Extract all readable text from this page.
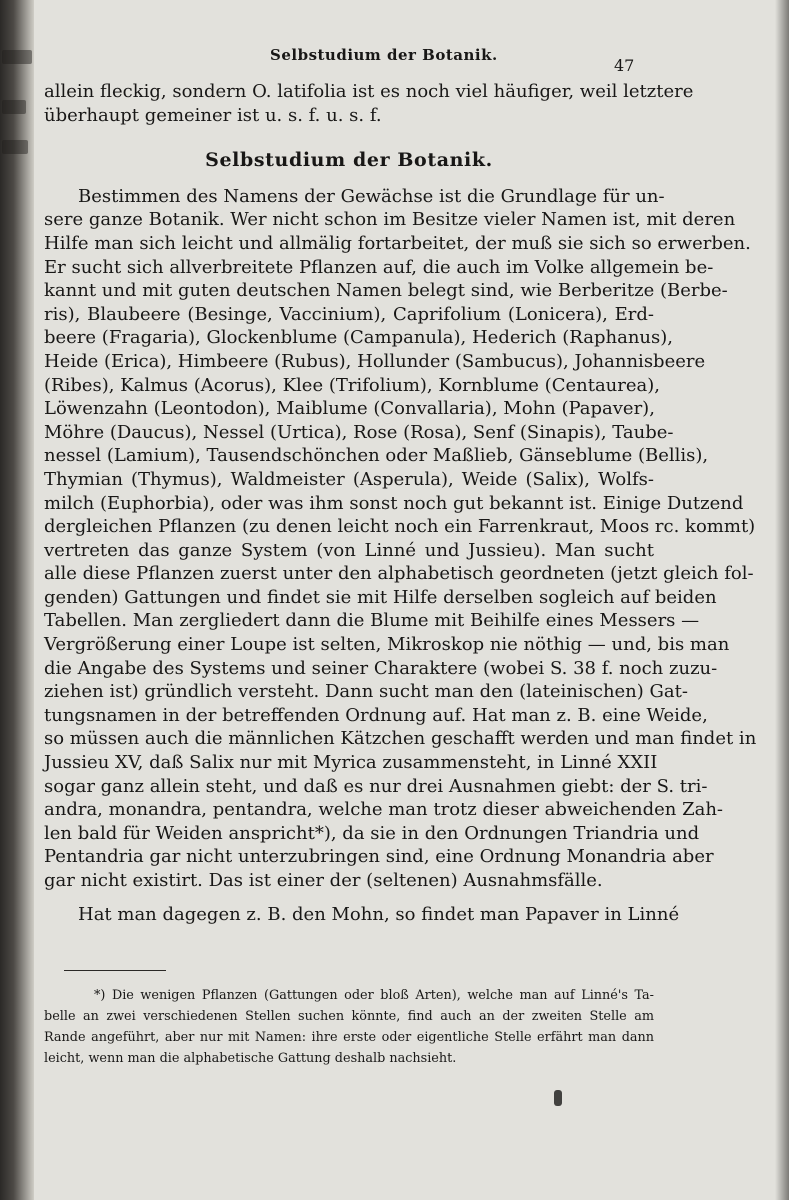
Selbstudium der Botanik.
47
allein fleckig, sondern O. latifolia ist es noch viel häufiger, weil letztere
überhaupt gemeiner ist u. s. f. u. s. f.
Selbstudium der Botanik.
Bestimmen des Namens der Gewächse ist die Grundlage für un-
sere ganze Botanik. Wer nicht schon im Besitze vieler Namen ist, mit deren
Hilfe man sich leicht und allmälig fortarbeitet, der muß sie sich so erwerben.
Er sucht sich allverbreitete Pflanzen auf, die auch im Volke allgemein be-
kannt und mit guten deutschen Namen belegt sind, wie Berberitze (Berbe-
ris), Blaubeere (Besinge, Vaccinium), Caprifolium (Lonicera), Erd-
beere (Fragaria), Glockenblume (Campanula), Hederich (Raphanus),
Heide (Erica), Himbeere (Rubus), Hollunder (Sambucus), Johannisbeere
(Ribes), Kalmus (Acorus), Klee (Trifolium), Kornblume (Centaurea),
Löwenzahn (Leontodon), Maiblume (Convallaria), Mohn (Papaver),
Möhre (Daucus), Nessel (Urtica), Rose (Rosa), Senf (Sinapis), Taube-
nessel (Lamium), Tausendschönchen oder Maßlieb, Gänseblume (Bellis),
Thymian (Thymus), Waldmeister (Asperula), Weide (Salix), Wolfs-
milch (Euphorbia), oder was ihm sonst noch gut bekannt ist. Einige Dutzend
dergleichen Pflanzen (zu denen leicht noch ein Farrenkraut, Moos rc. kommt)
vertreten das ganze System (von Linné und Jussieu). Man sucht
alle diese Pflanzen zuerst unter den alphabetisch geordneten (jetzt gleich fol-
genden) Gattungen und findet sie mit Hilfe derselben sogleich auf beiden
Tabellen. Man zergliedert dann die Blume mit Beihilfe eines Messers —
Vergrößerung einer Loupe ist selten, Mikroskop nie nöthig — und, bis man
die Angabe des Systems und seiner Charaktere (wobei S. 38 f. noch zuzu-
ziehen ist) gründlich versteht. Dann sucht man den (lateinischen) Gat-
tungsnamen in der betreffenden Ordnung auf. Hat man z. B. eine Weide,
so müssen auch die männlichen Kätzchen geschafft werden und man findet in
Jussieu XV, daß Salix nur mit Myrica zusammensteht, in Linné XXII
sogar ganz allein steht, und daß es nur drei Ausnahmen giebt: der S. tri-
andra, monandra, pentandra, welche man trotz dieser abweichenden Zah-
len bald für Weiden anspricht*), da sie in den Ordnungen Triandria und
Pentandria gar nicht unterzubringen sind, eine Ordnung Monandria aber
gar nicht existirt. Das ist einer der (seltenen) Ausnahmsfälle.
Hat man dagegen z. B. den Mohn, so findet man Papaver in Linné
*) Die wenigen Pflanzen (Gattungen oder bloß Arten), welche man auf Linné's Ta-
belle an zwei verschiedenen Stellen suchen könnte, find auch an der zweiten Stelle am
Rande angeführt, aber nur mit Namen: ihre erste oder eigentliche Stelle erfährt man dann
leicht, wenn man die alphabetische Gattung deshalb nachsieht.
